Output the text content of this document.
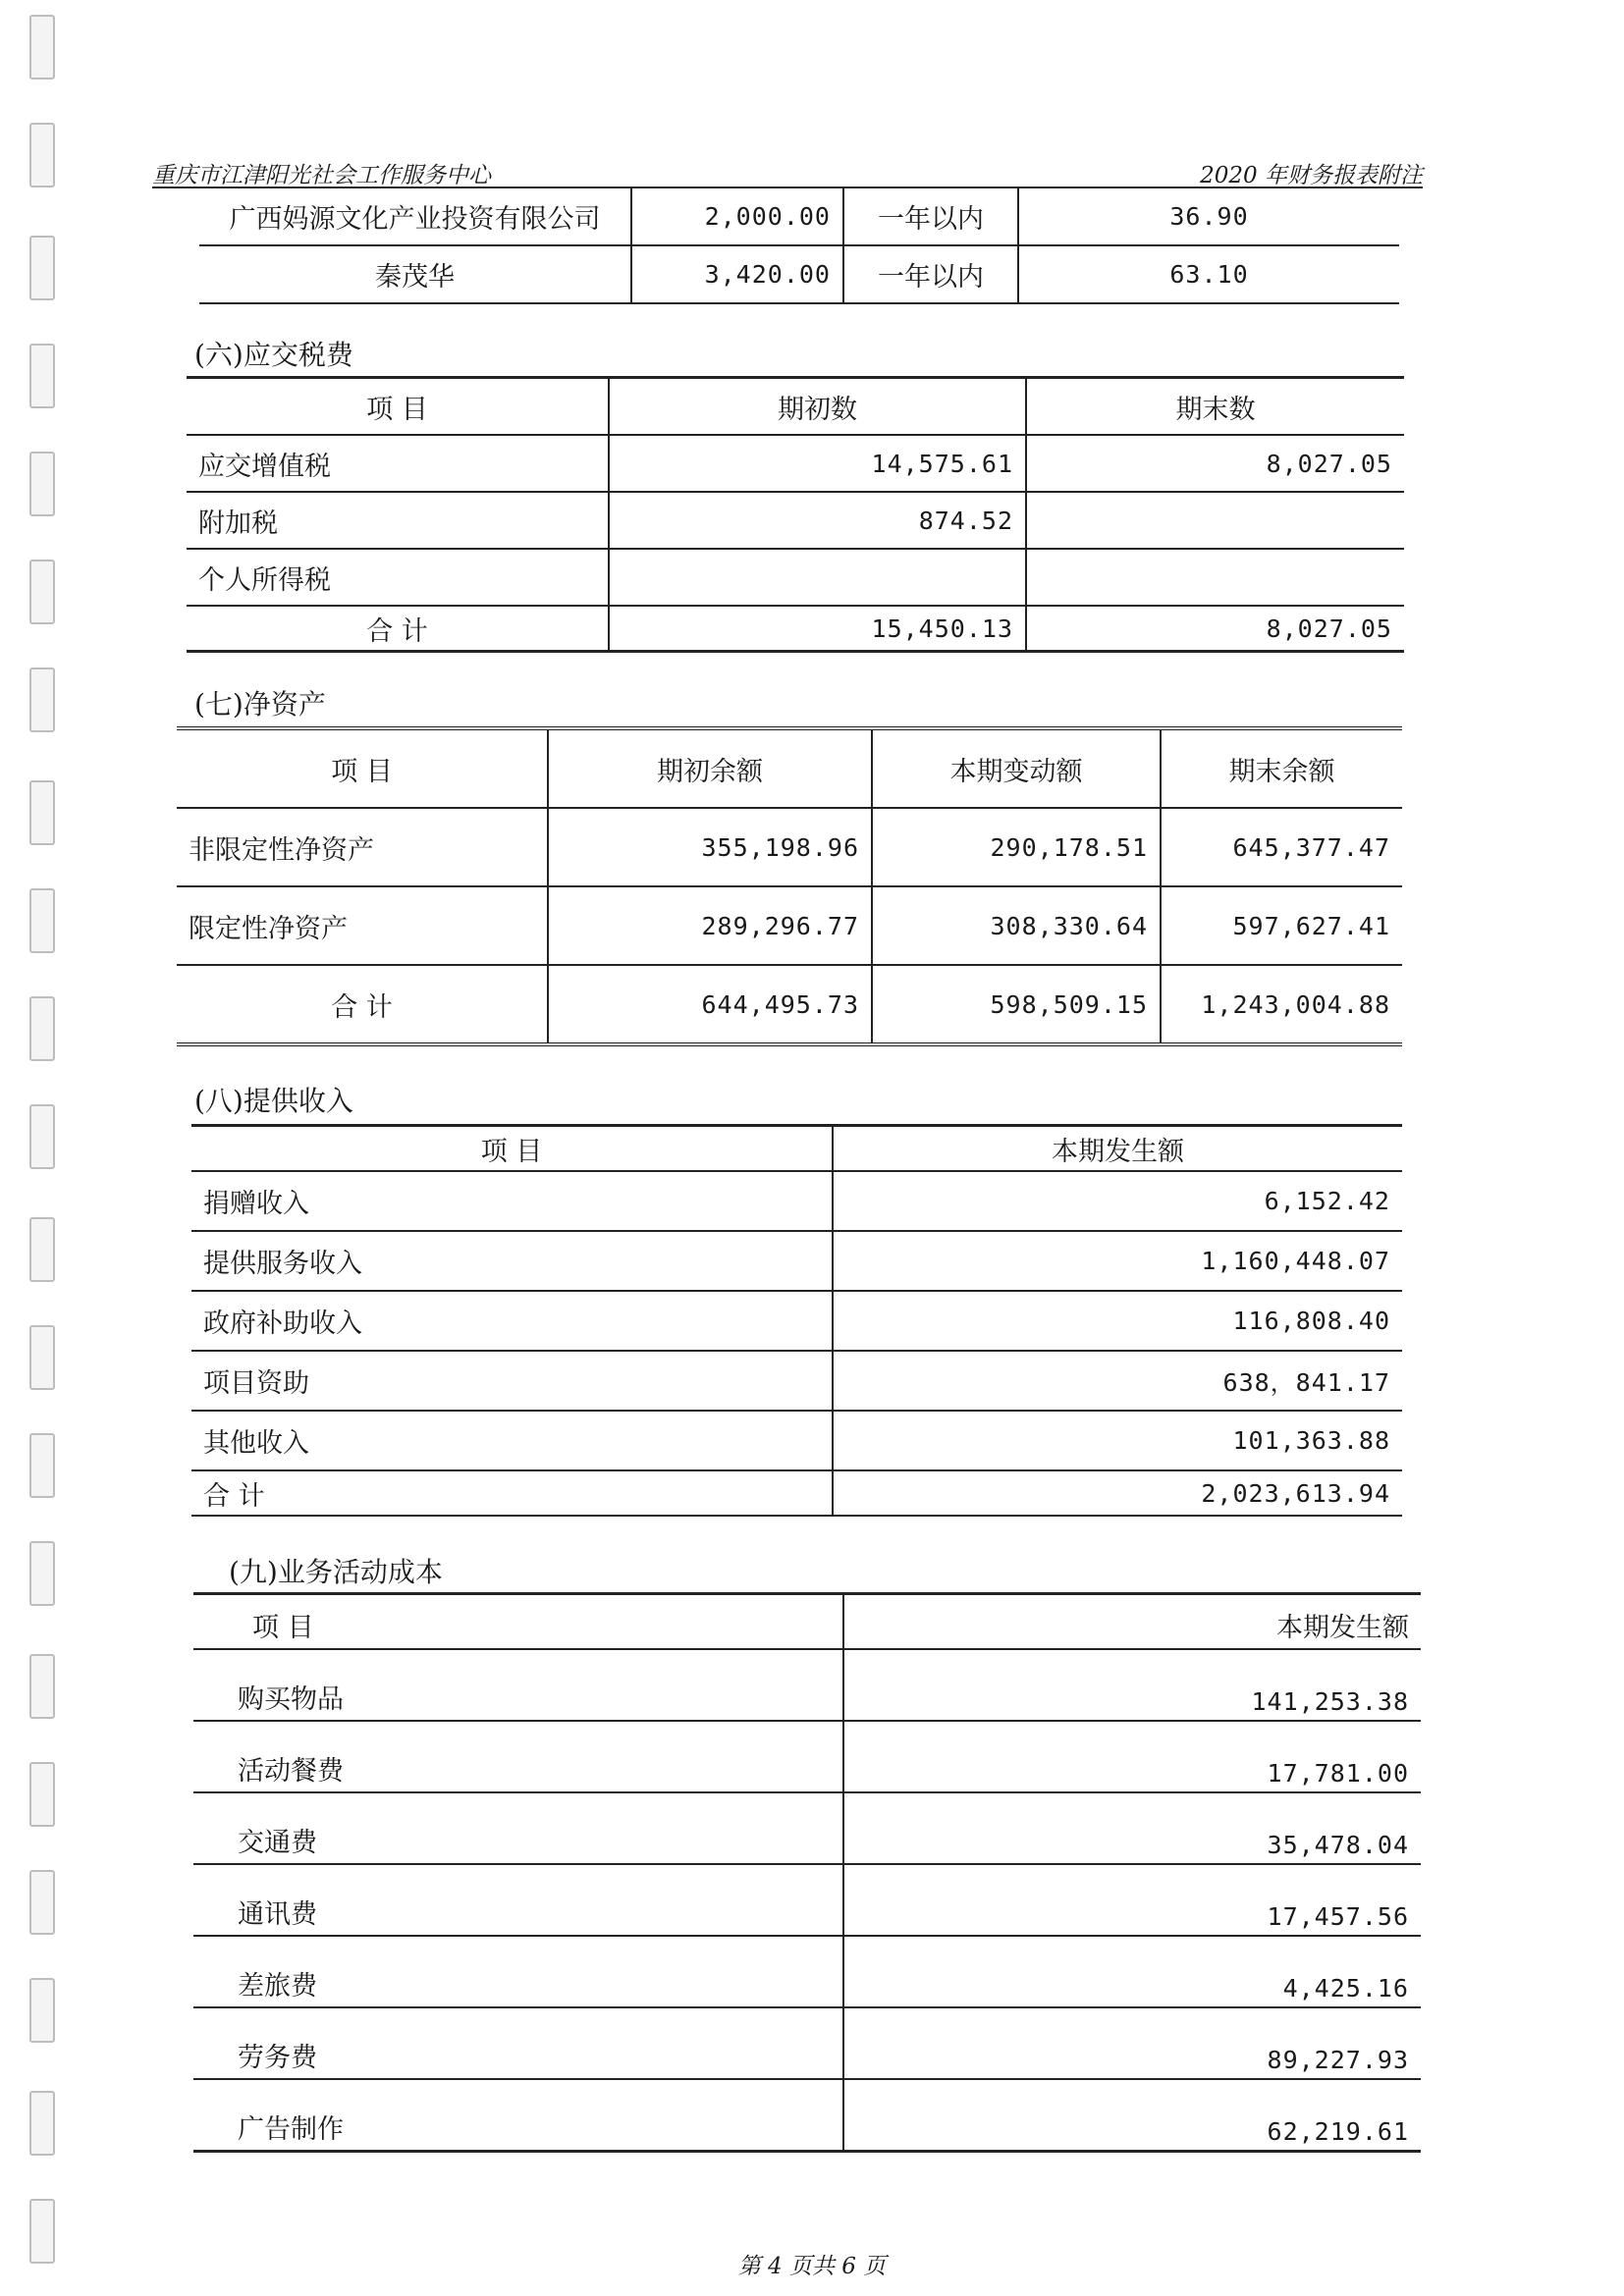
重庆市江津阳光社会工作服务中心	2020 年财务报表附注
广西妈源文化产业投资有限公司	2,000.00	一年以内	36.90
秦茂华	3,420.00	一年以内	63.10
(六)应交税费
项 目	期初数	期末数
应交增值税	14,575.61	8,027.05
附加税	874.52	
个人所得税		
合 计	15,450.13	8,027.05
(七)净资产
项 目	期初余额	本期变动额	期末余额
非限定性净资产	355,198.96	290,178.51	645,377.47
限定性净资产	289,296.77	308,330.64	597,627.41
合 计	644,495.73	598,509.15	1,243,004.88
(八)提供收入
项 目	本期发生额
捐赠收入	6,152.42
提供服务收入	1,160,448.07
政府补助收入	116,808.40
项目资助	638，841.17
其他收入	101,363.88
合 计	2,023,613.94
(九)业务活动成本
项 目	本期发生额
购买物品	141,253.38
活动餐费	17,781.00
交通费	35,478.04
通讯费	17,457.56
差旅费	4,425.16
劳务费	89,227.93
广告制作	62,219.61
第 4 页共 6 页
